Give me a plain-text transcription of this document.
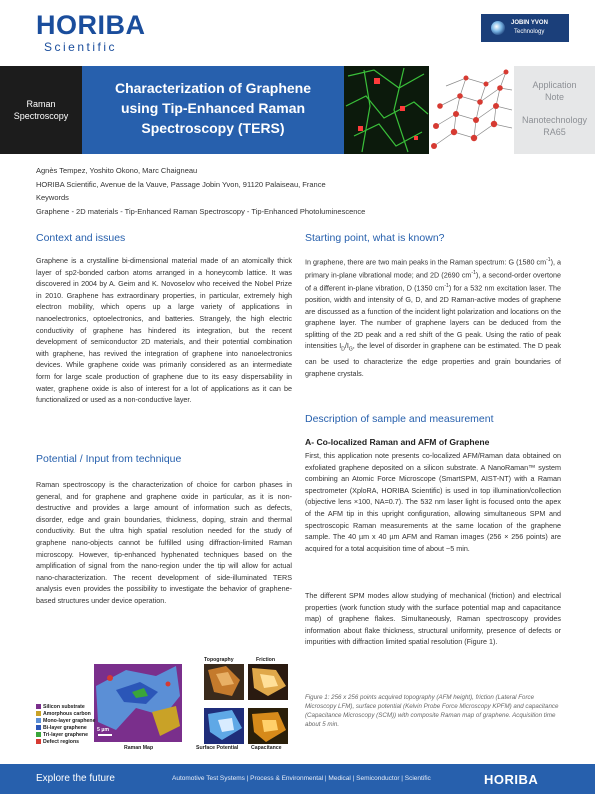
HORIBA
Scientific
JOBIN YVON
Technology
Raman
Spectroscopy
Characterization of Graphene
using Tip-Enhanced Raman
Spectroscopy (TERS)
Application
Note
Nanotechnology
RA65
Agnès Tempez, Yoshito Okono, Marc Chaigneau
HORIBA Scientific, Avenue de la Vauve, Passage Jobin Yvon, 91120 Palaiseau, France
Keywords
Graphene - 2D materials - Tip-Enhanced Raman Spectroscopy - Tip-Enhanced Photoluminescence
Context and issues
Graphene is a crystalline bi-dimensional material made of an atomically thick layer of sp2-bonded carbon atoms arranged in a honeycomb lattice. It was discovered in 2004 by A. Geim and K. Novoselov who received the Nobel Prize in 2010. Graphene has extraordinary properties, in particular, extremely high electron mobility, which opens up a large variety of applications in nanoelectronics, optoelectronics, and batteries. Strangely, the high electric conductivity of graphene has hindered its integration, but the recent development of semiconductor 2D materials, and their potential combination with graphene, has revived the integration of graphene into nanoelectronics devices. While graphene oxide was primarily considered as an intermediate form for large scale production of graphene due to its easy dispersability in water, graphene oxide is also of interest for a lot of applications as it can be functionalized or used as a non-conductive layer.
Potential / Input from technique
Raman spectroscopy is the characterization of choice for carbon phases in general, and for graphene and graphene oxide in particular, as it is non-destructive and provides a large amount of information such as defects, disorder, edge and grain boundaries, thickness, doping, strain and thermal conductivity. But the ultra high spatial resolution needed for the study of graphene nano-objects cannot be fulfilled using diffraction-limited Raman microscopy. However, tip-enhanced hyphenated techniques based on the amplification of signal from the nano-region under the tip will allow for actual nano-characterization. The recent development of side-illuminated TERS analysis even provides the possibility to investigate the behavior of graphene-based structures under device operation.
Starting point, what is known?
In graphene, there are two main peaks in the Raman spectrum: G (1580 $cm^{-1}$), a primary in-plane vibrational mode; and 2D (2690 $cm^{-1}$), a second-order overtone of a different in-plane vibration, D (1350 $cm^{-1}$) for a 532 nm excitation laser. The position, width and intensity of G, D, and 2D Raman-active modes of graphene are discussed as a function of the incident light polarization and locations on the graphene layer. The number of graphene layers can be deduced from the splitting of the 2D peak and a red shift of the G peak. Using the ratio of peak intensities $I_D/I_G$, the level of disorder in graphene can be estimated. The D peak can be used to characterize the edge properties and grain boundaries of graphene crystals.
Description of sample and measurement
A- Co-localized Raman and AFM of Graphene
First, this application note presents co-localized AFM/Raman data obtained on exfoliated graphene deposited on a silicon substrate. A NanoRaman™ system combining an Atomic Force Microscope (SmartSPM, AIST-NT) with a Raman spectrometer (XploRA, HORIBA Scientific) is used in top illumination/collection (objective lens ×100, NA=0.7). The 532 nm laser light is focused onto the apex of the AFM tip in this upright configuration, allowing simultaneous SPM and spectroscopic Raman measurements at the same location of the graphene sample. The 40 µm x 40 µm AFM and Raman images (256 × 256 points) are acquired for a total acquisition time of about ~5 min.
The different SPM modes allow studying of mechanical (friction) and electrical properties (work function study with the surface potential map and capacitance map) of graphene flakes. Simultaneously, Raman spectroscopy provides information about flake thickness, structural uniformity, presence of defects or impurities with diffraction limited spatial resolution (Figure 1).
Figure 1: 256 x 256 points acquired topography (AFM height), friction (Lateral Force Microscopy LFM), surface potential (Kelvin Probe Force Microscopy KPFM) and capacitance (Capacitance Microscopy (SCM)) with composite Raman map of graphene. Acquisition time about 5 min.
Silicon substrate
Amorphous carbon
Mono-layer graphene
Bi-layer graphene
Tri-layer graphene
Defect regions
5 µm
Raman Map
Topography	Friction
Surface Potential Capacitance
Explore the future	Automotive Test Systems | Process & Environmental | Medical | Semiconductor | Scientific	HORIBA
